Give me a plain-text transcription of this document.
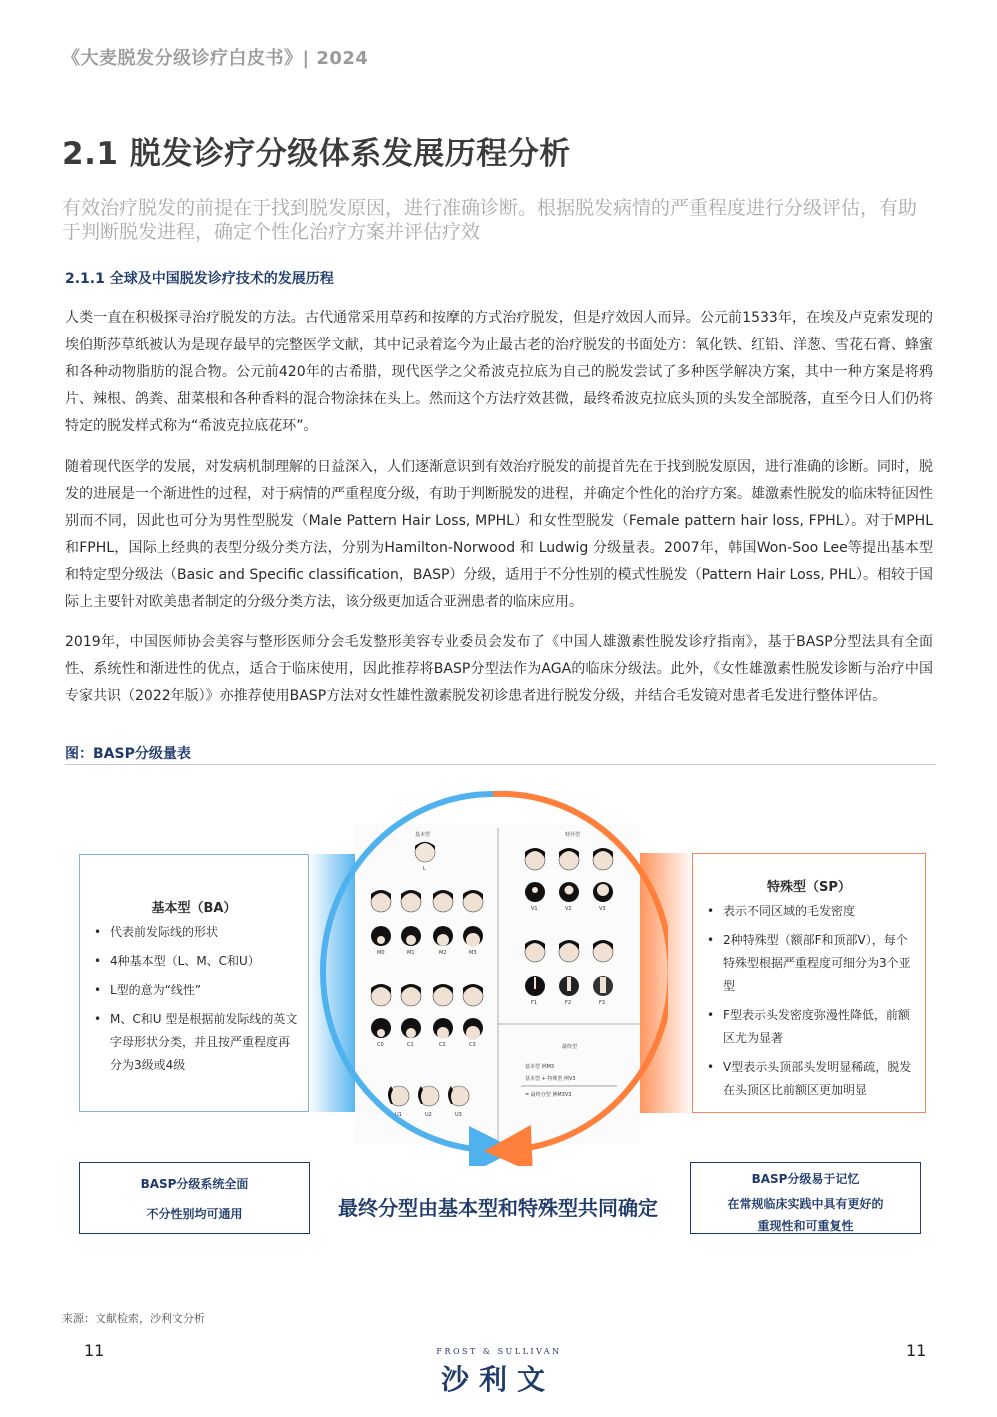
《大麦脱发分级诊疗白皮书》| 2024
2.1 脱发诊疗分级体系发展历程分析
有效治疗脱发的前提在于找到脱发原因，进行准确诊断。根据脱发病情的严重程度进行分级评估，有助于判断脱发进程，确定个性化治疗方案并评估疗效
2.1.1 全球及中国脱发诊疗技术的发展历程

人类一直在积极探寻治疗脱发的方法。古代通常采用草药和按摩的方式治疗脱发，但是疗效因人而异。公元前1533年，在埃及卢克索发现的埃伯斯莎草纸被认为是现存最早的完整医学文献，其中记录着迄今为止最古老的治疗脱发的书面处方：氧化铁、红铅、洋葱、雪花石膏、蜂蜜和各种动物脂肪的混合物。公元前420年的古希腊，现代医学之父希波克拉底为自己的脱发尝试了多种医学解决方案，其中一种方案是将鸦片、辣根、鸽粪、甜菜根和各种香料的混合物涂抹在头上。然而这个方法疗效甚微，最终希波克拉底头顶的头发全部脱落，直至今日人们仍将特定的脱发样式称为“希波克拉底花环”。

随着现代医学的发展，对发病机制理解的日益深入，人们逐渐意识到有效治疗脱发的前提首先在于找到脱发原因，进行准确的诊断。同时，脱发的进展是一个渐进性的过程，对于病情的严重程度分级，有助于判断脱发的进程，并确定个性化的治疗方案。雄激素性脱发的临床特征因性别而不同，因此也可分为男性型脱发（Male Pattern Hair Loss, MPHL）和女性型脱发（Female pattern hair loss, FPHL）。对于MPHL和FPHL，国际上经典的表型分级分类方法，分别为Hamilton-Norwood 和 Ludwig 分级量表。2007年，韩国Won-Soo Lee等提出基本型和特定型分级法（Basic and Specific classification，BASP）分级，适用于不分性别的模式性脱发（Pattern Hair Loss, PHL）。相较于国际上主要针对欧美患者制定的分级分类方法，该分级更加适合亚洲患者的临床应用。

2019年，中国医师协会美容与整形医师分会毛发整形美容专业委员会发布了《中国人雄激素性脱发诊疗指南》，基于BASP分型法具有全面性、系统性和渐进性的优点，适合于临床使用，因此推荐将BASP分型法作为AGA的临床分级法。此外，《女性雄激素性脱发诊断与治疗中国专家共识（2022年版）》亦推荐使用BASP方法对女性雄性激素脱发初诊患者进行脱发分级，并结合毛发镜对患者毛发进行整体评估。

图：BASP分级量表
基本型（BA）
• 代表前发际线的形状
• 4种基本型（L、M、C和U）
• L型的意为“线性”
• M、C和U 型是根据前发际线的英文字母形状分类，并且按严重程度再分为3级或4级
特殊型（SP）
• 表示不同区域的毛发密度
• 2种特殊型（额部F和顶部V），每个特殊型根据严重程度可细分为3个亚型
• F型表示头发密度弥漫性降低，前额区尤为显著
• V型表示头顶部头发明显稀疏，脱发在头顶区比前额区更加明显
基本型	特异型
最终型
L
M0	M1	M2	M3
C0	C1	C2	C3
U1	U2	U3
V1	V2	V3
F1	F2	F3
基本型 例M3
基本型 + 特殊型 例V3
= 最终分型 例M3V3
BASP分级系统全面
不分性别均可通用	最终分型由基本型和特殊型共同确定
BASP分级易于记忆
在常规临床实践中具有更好的
重现性和可重复性
来源：文献检索，沙利文分析
11	11
FROST & SULLIVAN
沙利文
